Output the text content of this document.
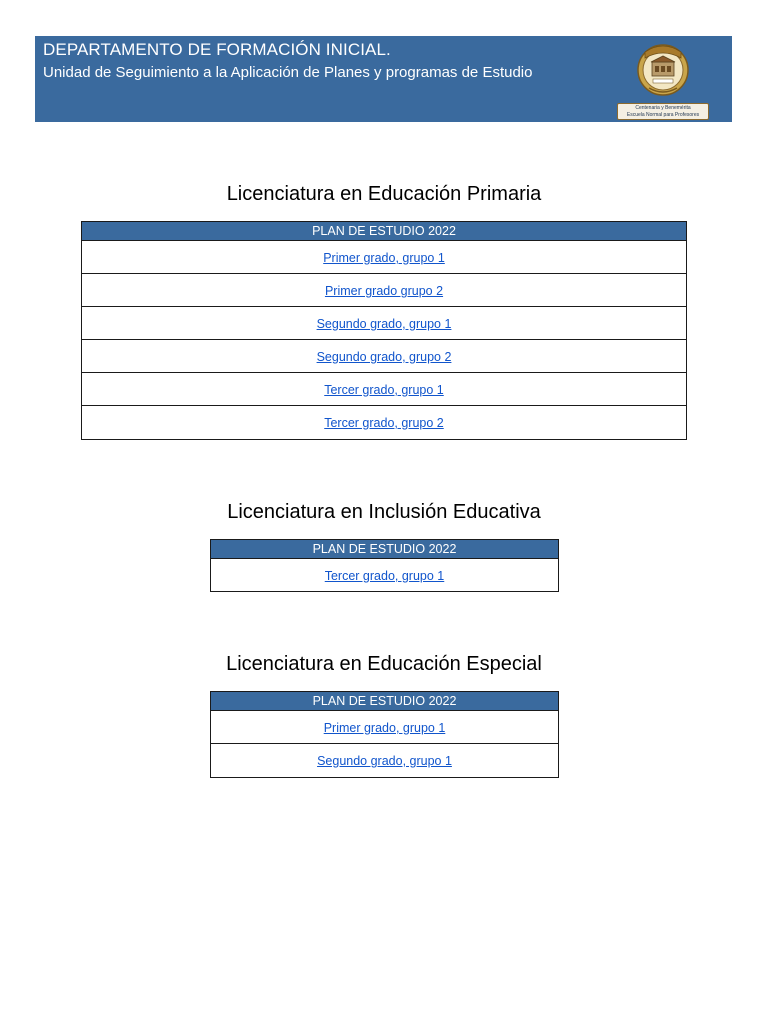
DEPARTAMENTO DE FORMACIÓN INICIAL.
Unidad de Seguimiento a la Aplicación de Planes y programas de Estudio
Centenaria y Benemérita
Escuela Normal para Profesores
Licenciatura en Educación Primaria
PLAN DE ESTUDIO 2022
Primer grado, grupo 1
Primer grado grupo 2
Segundo grado, grupo 1
Segundo grado, grupo 2
Tercer grado, grupo 1
Tercer grado, grupo 2
Licenciatura en Inclusión Educativa
PLAN DE ESTUDIO 2022
Tercer grado, grupo 1
Licenciatura en Educación Especial
PLAN DE ESTUDIO 2022
Primer grado, grupo 1
Segundo grado, grupo 1
